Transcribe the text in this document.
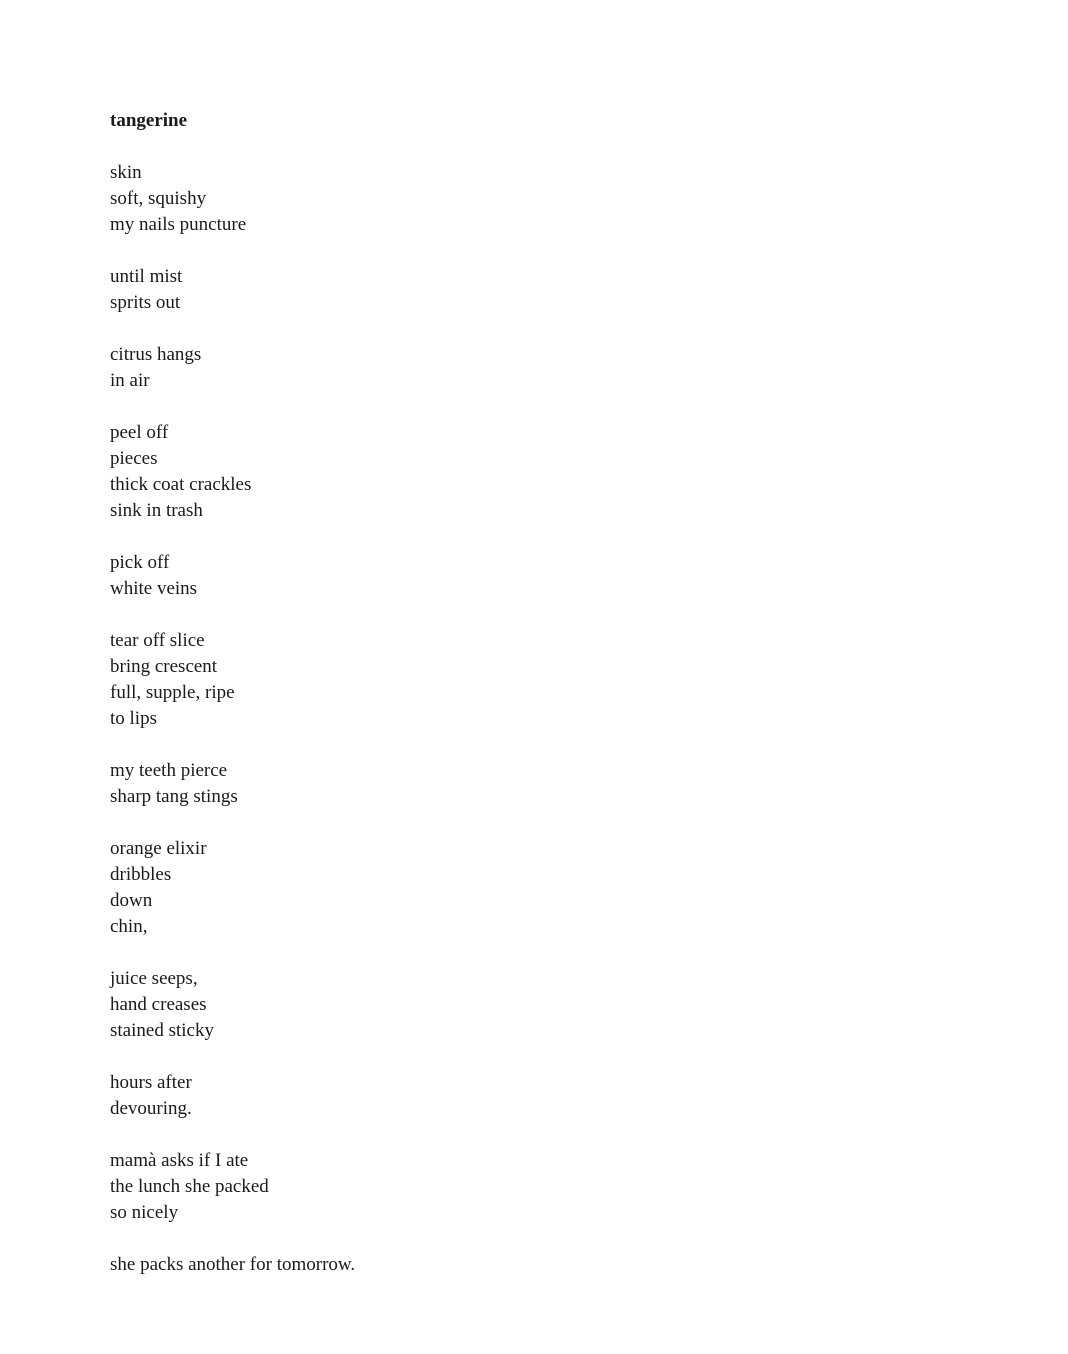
tangerine
skin
soft, squishy
my nails puncture
until mist
sprits out
citrus hangs
in air
peel off
pieces
thick coat crackles
sink in trash
pick off
white veins
tear off slice
bring crescent
full, supple, ripe
to lips
my teeth pierce
sharp tang stings
orange elixir
dribbles
down
chin,
juice seeps,
hand creases
stained sticky
hours after
devouring.
mamà asks if I ate
the lunch she packed
so nicely
she packs another for tomorrow.
